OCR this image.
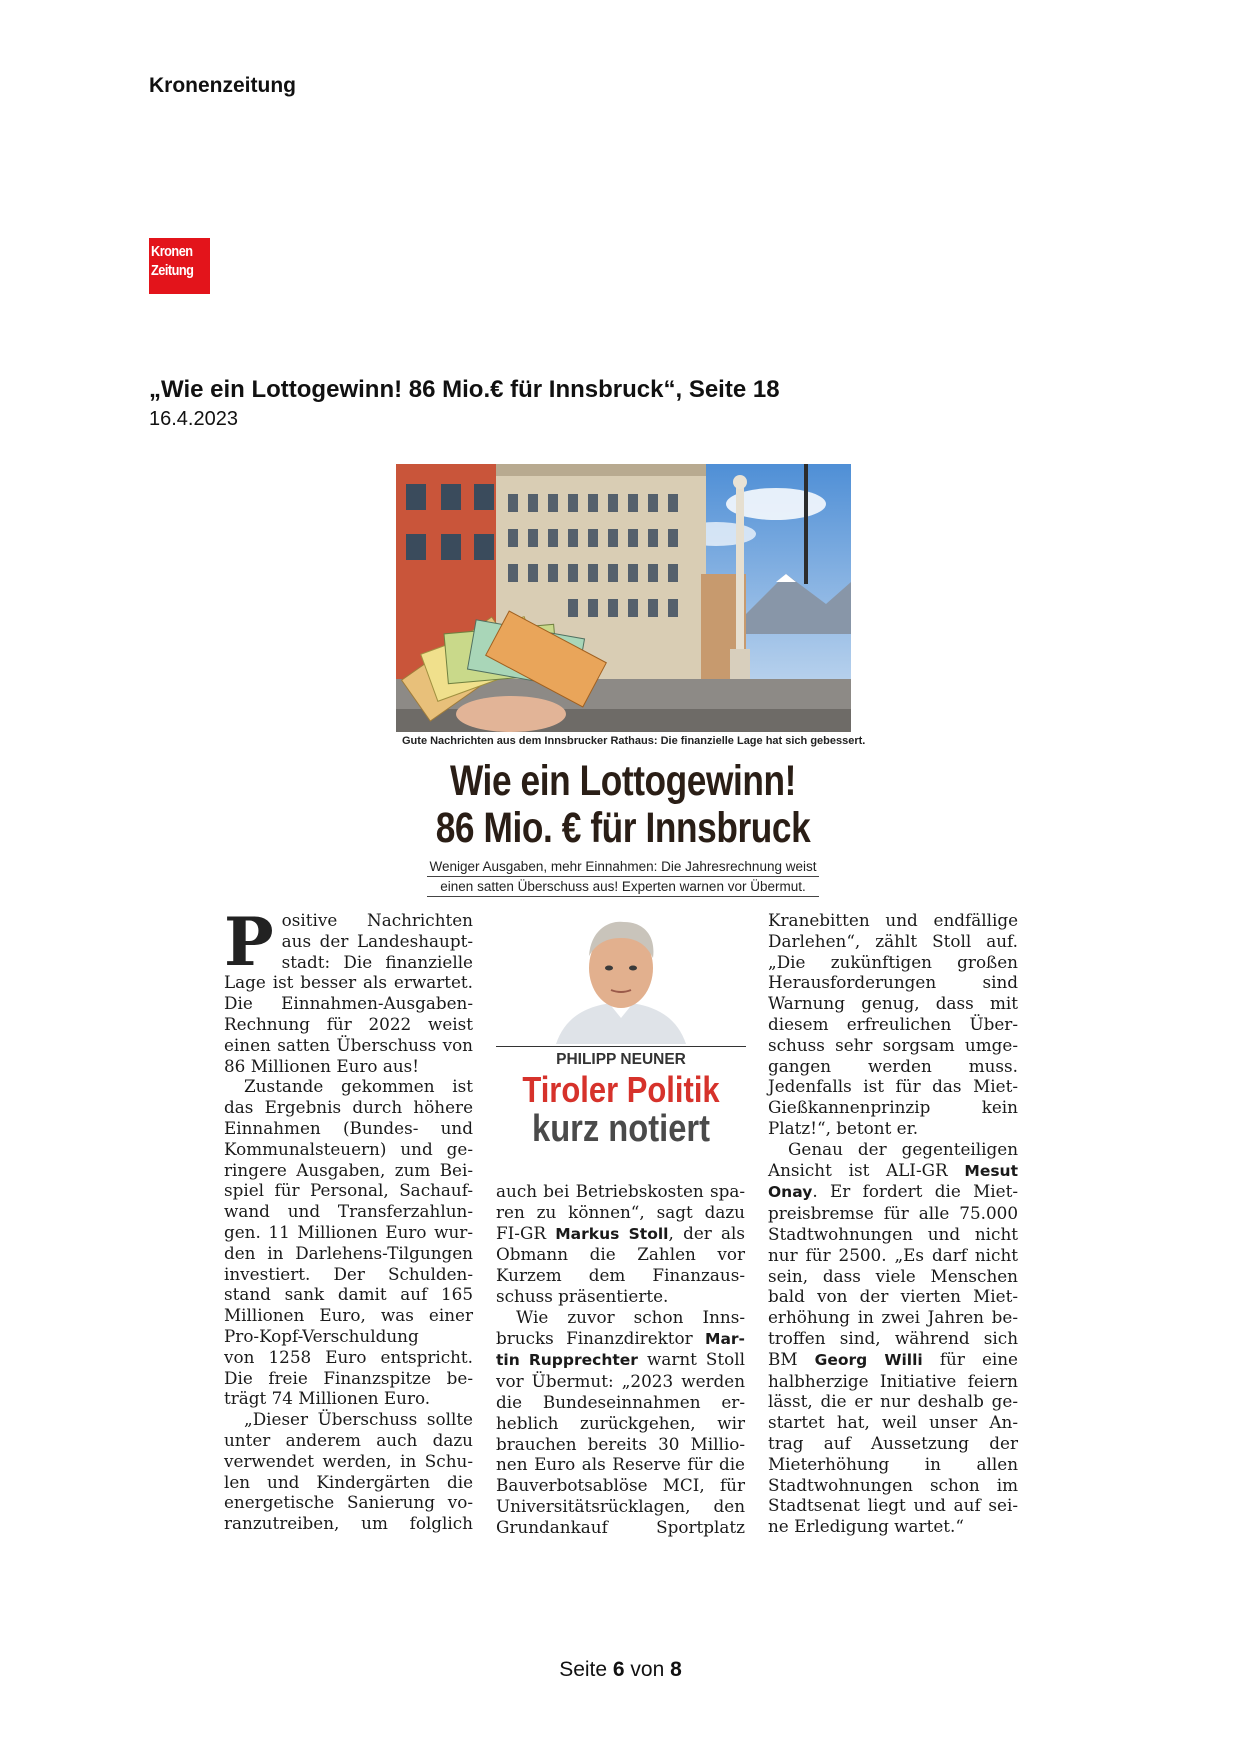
Kronenzeitung
Kronen
Zeitung
„Wie ein Lottogewinn! 86 Mio.€ für Innsbruck“, Seite 18
16.4.2023
Gute Nachrichten aus dem Innsbrucker Rathaus: Die finanzielle Lage hat sich gebessert.
Wie ein Lottogewinn!
86 Mio. € für Innsbruck
Weniger Ausgaben, mehr Einnahmen: Die Jahresrechnung weist
einen satten Überschuss aus! Experten warnen vor Übermut.
P ositive Nachrichten
aus der Landeshaupt-
stadt: Die finanzielle
Lage ist besser als erwartet.
Die Einnahmen-Ausgaben-
Rechnung für 2022 weist
einen satten Überschuss von
86 Millionen Euro aus!
Zustande gekommen ist
das Ergebnis durch höhere
Einnahmen (Bundes- und
Kommunalsteuern) und ge-
ringere Ausgaben, zum Bei-
spiel für Personal, Sachauf-
wand und Transferzahlun-
gen. 11 Millionen Euro wur-
den in Darlehens-Tilgungen
investiert. Der Schulden-
stand sank damit auf 165
Millionen Euro, was einer
Pro-Kopf-Verschuldung
von 1258 Euro entspricht.
Die freie Finanzspitze be-
trägt 74 Millionen Euro.
„Dieser Überschuss sollte
unter anderem auch dazu
verwendet werden, in Schu-
len und Kindergärten die
energetische Sanierung vo-
ranzutreiben, um folglich
PHILIPP NEUNER
Tiroler Politik
kurz notiert
auch bei Betriebskosten spa-
ren zu können“, sagt dazu
FI-GR Markus Stoll, der als
Obmann die Zahlen vor
Kurzem dem Finanzaus-
schuss präsentierte.
Wie zuvor schon Inns-
brucks Finanzdirektor Mar-
tin Rupprechter warnt Stoll
vor Übermut: „2023 werden
die Bundeseinnahmen er-
heblich zurückgehen, wir
brauchen bereits 30 Millio-
nen Euro als Reserve für die
Bauverbotsablöse MCI, für
Universitätsrücklagen, den
Grundankauf Sportplatz
Kranebitten und endfällige
Darlehen“, zählt Stoll auf.
„Die zukünftigen großen
Herausforderungen sind
Warnung genug, dass mit
diesem erfreulichen Über-
schuss sehr sorgsam umge-
gangen werden muss.
Jedenfalls ist für das Miet-
Gießkannenprinzip kein
Platz!“, betont er.
Genau der gegenteiligen
Ansicht ist ALI-GR Mesut
Onay. Er fordert die Miet-
preisbremse für alle 75.000
Stadtwohnungen und nicht
nur für 2500. „Es darf nicht
sein, dass viele Menschen
bald von der vierten Miet-
erhöhung in zwei Jahren be-
troffen sind, während sich
BM Georg Willi für eine
halbherzige Initiative feiern
lässt, die er nur deshalb ge-
startet hat, weil unser An-
trag auf Aussetzung der
Mieterhöhung in allen
Stadtwohnungen schon im
Stadtsenat liegt und auf sei-
ne Erledigung wartet.“
Seite 6 von 8
